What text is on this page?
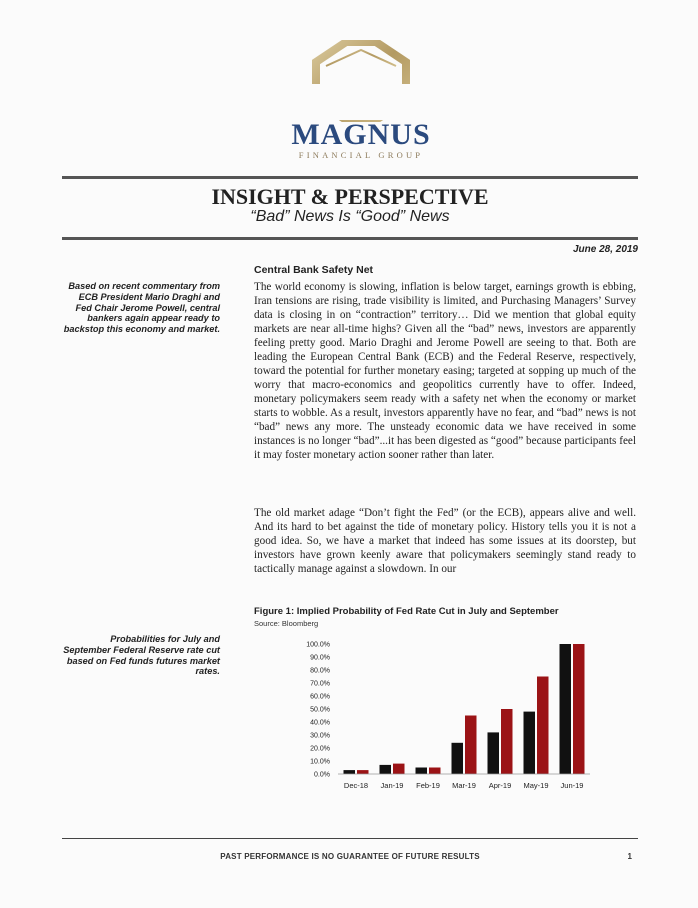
MAGNUS
FINANCIAL GROUP
INSIGHT & PERSPECTIVE
“Bad” News Is “Good” News
June 28, 2019
Based on recent commentary from ECB President Mario Draghi and Fed Chair Jerome Powell, central bankers again appear ready to backstop this economy and market.
Probabilities for July and September Federal Reserve rate cut based on Fed funds futures market rates.
Central Bank Safety Net

The world economy is slowing, inflation is below target, earnings growth is ebbing, Iran tensions are rising, trade visibility is limited, and Purchasing Managers’ Survey data is closing in on “contraction” territory… Did we mention that global equity markets are near all-time highs? Given all the “bad” news, investors are apparently feeling pretty good. Mario Draghi and Jerome Powell are seeing to that. Both are leading the European Central Bank (ECB) and the Federal Reserve, respectively, toward the potential for further monetary easing; targeted at sopping up much of the worry that macro-economics and geopolitics currently have to offer. Indeed, monetary policymakers seem ready with a safety net when the economy or market starts to wobble. As a result, investors apparently have no fear, and “bad” news is not “bad” news any more. The unsteady economic data we have received in some instances is no longer “bad”...it has been digested as “good” because participants feel it may foster monetary action sooner rather than later.

The old market adage “Don’t fight the Fed” (or the ECB), appears alive and well. And its hard to bet against the tide of monetary policy. History tells you it is not a good idea. So, we have a market that indeed has some issues at its doorstep, but investors have grown keenly aware that policymakers seemingly stand ready to tactically manage against a slowdown. In our

Figure 1: Implied Probability of Fed Rate Cut in July and September
Source: Bloomberg
0.0%
10.0%
20.0%
30.0%
40.0%
50.0%
60.0%
70.0%
80.0%
90.0%
100.0%
Dec-18 Jan-19 Feb-19 Mar-19 Apr-19 May-19 Jun-19
PAST PERFORMANCE IS NO GUARANTEE OF FUTURE RESULTS	1
